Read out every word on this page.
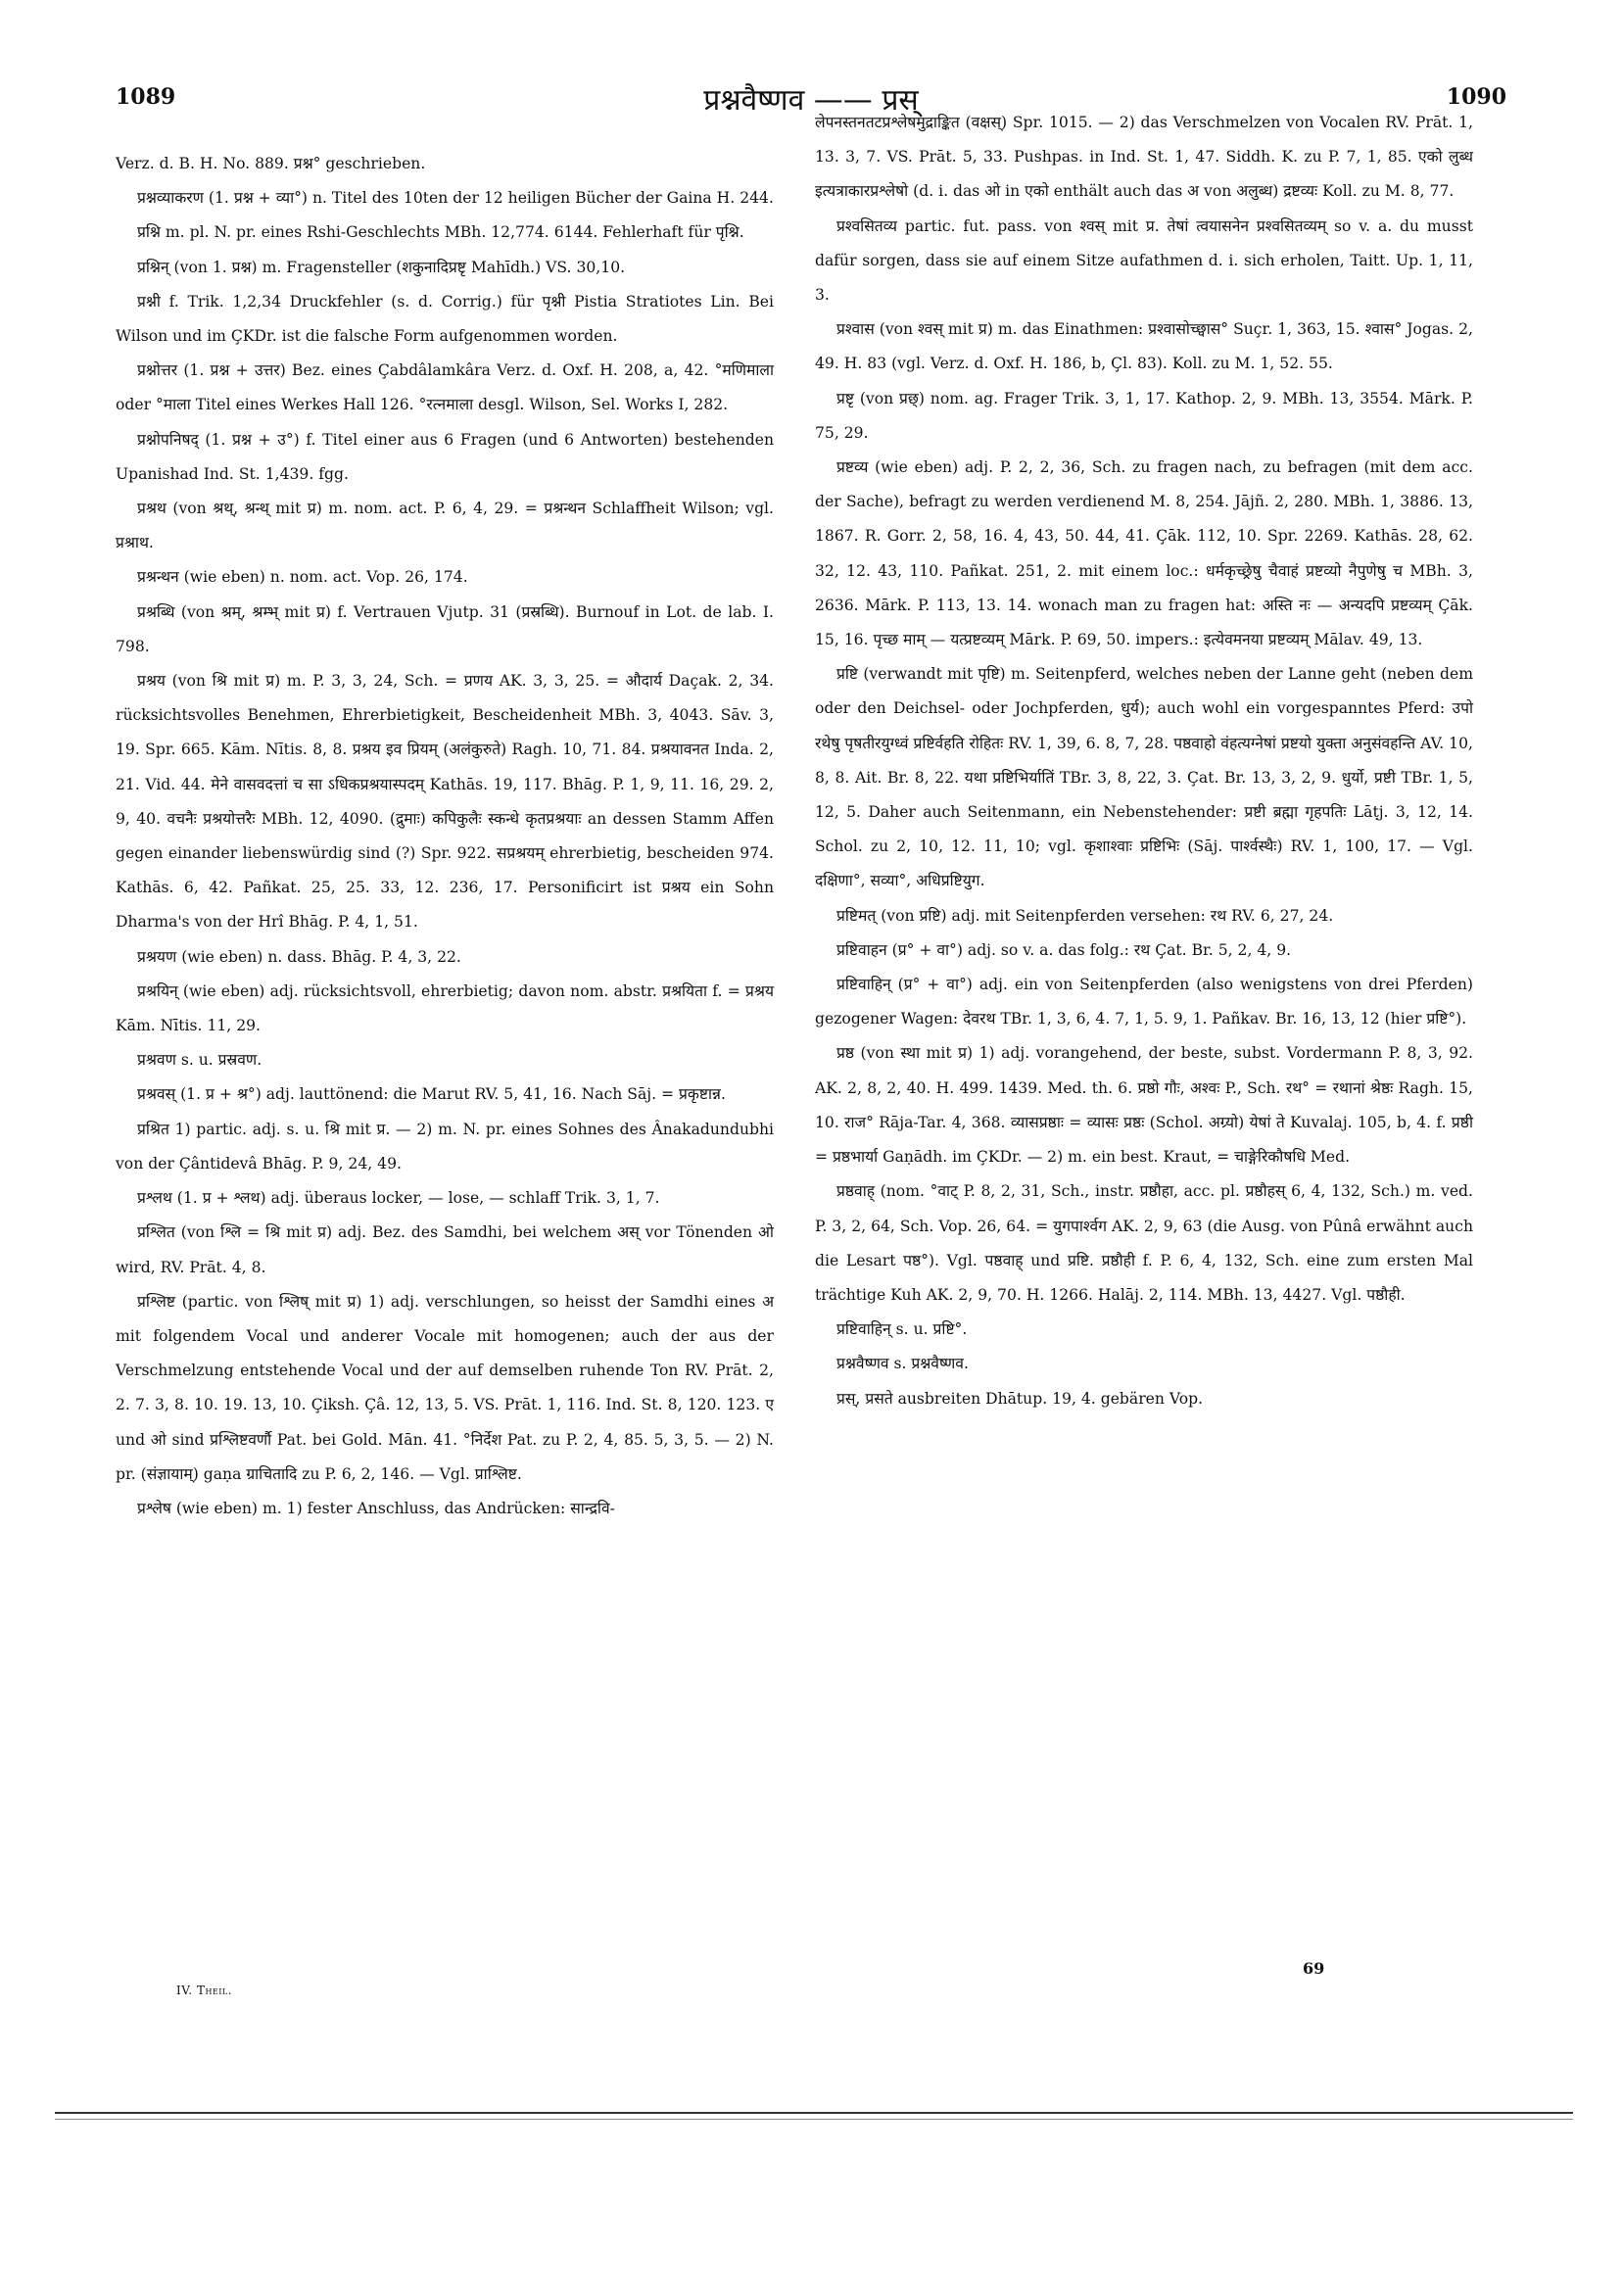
1089	प्रश्नवैष्णव —— प्रस्	1090

Verz. d. B. H. No. 889. प्रश्न° geschrieben.

प्रश्नव्याकरण (1. प्रश्न + व्या°) n. Titel des 10ten der 12 heiligen Bücher der Gaina H. 244.

प्रश्नि m. pl. N. pr. eines Rshi-Geschlechts MBh. 12,774. 6144. Fehlerhaft für पृश्नि.

प्रश्निन् (von 1. प्रश्न) m. Fragensteller (शकुनादिप्रष्टृ Mahīdh.) VS. 30,10.

प्रश्नी f. Trik. 1,2,34 Druckfehler (s. d. Corrig.) für पृश्नी Pistia Stratiotes Lin. Bei Wilson und im ÇKDr. ist die falsche Form aufgenommen worden.

प्रश्नोत्तर (1. प्रश्न + उत्तर) Bez. eines Çabdâlamkâra Verz. d. Oxf. H. 208, a, 42. °मणिमाला oder °माला Titel eines Werkes Hall 126. °रत्नमाला desgl. Wilson, Sel. Works I, 282.

प्रश्नोपनिषद् (1. प्रश्न + उ°) f. Titel einer aus 6 Fragen (und 6 Antworten) bestehenden Upanishad Ind. St. 1,439. fgg.

प्रश्रथ (von श्रथ्, श्रन्थ् mit प्र) m. nom. act. P. 6, 4, 29. = प्रश्रन्थन Schlaffheit Wilson; vgl. प्रश्राथ.

प्रश्रन्थन (wie eben) n. nom. act. Vop. 26, 174.

प्रश्रब्धि (von श्रम्, श्रम्भ् mit प्र) f. Vertrauen Vjutp. 31 (प्रस्रब्धि). Burnouf in Lot. de lab. I. 798.

प्रश्रय (von श्रि mit प्र) m. P. 3, 3, 24, Sch. = प्रणय AK. 3, 3, 25. = औदार्य Daçak. 2, 34. rücksichtsvolles Benehmen, Ehrerbietigkeit, Bescheidenheit MBh. 3, 4043. Sāv. 3, 19. Spr. 665. Kām. Nītis. 8, 8. प्रश्रय इव प्रियम् (अलंकुरुते) Ragh. 10, 71. 84. प्रश्रयावनत Inda. 2, 21. Vid. 44. मेने वासवदत्तां च सा ऽधिकप्रश्रयास्पदम् Kathās. 19, 117. Bhāg. P. 1, 9, 11. 16, 29. 2, 9, 40. वचनैः प्रश्रयोत्तरैः MBh. 12, 4090. (द्रुमाः) कपिकुलैः स्कन्धे कृतप्रश्रयाः an dessen Stamm Affen gegen einander liebenswürdig sind (?) Spr. 922. सप्रश्रयम् ehrerbietig, bescheiden 974. Kathās. 6, 42. Pañkat. 25, 25. 33, 12. 236, 17. Personificirt ist प्रश्रय ein Sohn Dharma's von der Hrî Bhāg. P. 4, 1, 51.

प्रश्रयण (wie eben) n. dass. Bhāg. P. 4, 3, 22.

प्रश्रयिन् (wie eben) adj. rücksichtsvoll, ehrerbietig; davon nom. abstr. प्रश्रयिता f. = प्रश्रय Kām. Nītis. 11, 29.

प्रश्रवण s. u. प्रस्रवण.

प्रश्रवस् (1. प्र + श्र°) adj. lauttönend: die Marut RV. 5, 41, 16. Nach Sāj. = प्रकृष्टान्न.

प्रश्रित 1) partic. adj. s. u. श्रि mit प्र. — 2) m. N. pr. eines Sohnes des Ânakadundubhi von der Çântidevâ Bhāg. P. 9, 24, 49.

प्रश्लथ (1. प्र + श्लथ) adj. überaus locker, — lose, — schlaff Trik. 3, 1, 7.

प्रश्लित (von श्लि = श्रि mit प्र) adj. Bez. des Samdhi, bei welchem अस् vor Tönenden ओ wird, RV. Prāt. 4, 8.

प्रश्लिष्ट (partic. von श्लिष् mit प्र) 1) adj. verschlungen, so heisst der Samdhi eines अ mit folgendem Vocal und anderer Vocale mit homogenen; auch der aus der Verschmelzung entstehende Vocal und der auf demselben ruhende Ton RV. Prāt. 2, 2. 7. 3, 8. 10. 19. 13, 10. Çiksh. Çâ. 12, 13, 5. VS. Prāt. 1, 116. Ind. St. 8, 120. 123. ए und ओ sind प्रश्लिष्टवर्णौ Pat. bei Gold. Mān. 41. °निर्देश Pat. zu P. 2, 4, 85. 5, 3, 5. — 2) N. pr. (संज्ञायाम्) gaṇa ग्राचितादि zu P. 6, 2, 146. — Vgl. प्राश्लिष्ट.

प्रश्लेष (wie eben) m. 1) fester Anschluss, das Andrücken: सान्द्रवि-

लेपनस्तनतटप्रश्लेषमुद्राङ्कित (वक्षस्) Spr. 1015. — 2) das Verschmelzen von Vocalen RV. Prāt. 1, 13. 3, 7. VS. Prāt. 5, 33. Pushpas. in Ind. St. 1, 47. Siddh. K. zu P. 7, 1, 85. एको लुब्ध इत्यत्राकारप्रश्लेषो (d. i. das ओ in एको enthält auch das अ von अलुब्ध) द्रष्टव्यः Koll. zu M. 8, 77.

प्रश्वसितव्य partic. fut. pass. von श्वस् mit प्र. तेषां त्वयासनेन प्रश्वसितव्यम् so v. a. du musst dafür sorgen, dass sie auf einem Sitze aufathmen d. i. sich erholen, Taitt. Up. 1, 11, 3.

प्रश्वास (von श्वस् mit प्र) m. das Einathmen: प्रश्वासोच्छ्वास° Suçr. 1, 363, 15. श्वास° Jogas. 2, 49. H. 83 (vgl. Verz. d. Oxf. H. 186, b, Çl. 83). Koll. zu M. 1, 52. 55.

प्रष्टृ (von प्रछ्) nom. ag. Frager Trik. 3, 1, 17. Kathop. 2, 9. MBh. 13, 3554. Mārk. P. 75, 29.

प्रष्टव्य (wie eben) adj. P. 2, 2, 36, Sch. zu fragen nach, zu befragen (mit dem acc. der Sache), befragt zu werden verdienend M. 8, 254. Jājñ. 2, 280. MBh. 1, 3886. 13, 1867. R. Gorr. 2, 58, 16. 4, 43, 50. 44, 41. Çāk. 112, 10. Spr. 2269. Kathās. 28, 62. 32, 12. 43, 110. Pañkat. 251, 2. mit einem loc.: धर्मकृच्छ्रेषु चैवाहं प्रष्टव्यो नैपुणेषु च MBh. 3, 2636. Mārk. P. 113, 13. 14. wonach man zu fragen hat: अस्ति नः — अन्यदपि प्रष्टव्यम् Çāk. 15, 16. पृच्छ माम् — यत्प्रष्टव्यम् Mārk. P. 69, 50. impers.: इत्येवमनया प्रष्टव्यम् Mālav. 49, 13.

प्रष्टि (verwandt mit पृष्टि) m. Seitenpferd, welches neben der Lanne geht (neben dem oder den Deichsel- oder Jochpferden, धुर्य); auch wohl ein vorgespanntes Pferd: उपो रथेषु पृषतीरयुग्ध्वं प्रष्टिर्वहति रोहितः RV. 1, 39, 6. 8, 7, 28. पष्ठवाहो वंहत्यग्नेषां प्रष्टयो युक्ता अनुसंवहन्ति AV. 10, 8, 8. Ait. Br. 8, 22. यथा प्रष्टिभिर्यातिं TBr. 3, 8, 22, 3. Çat. Br. 13, 3, 2, 9. धुर्यो, प्रष्टी TBr. 1, 5, 12, 5. Daher auch Seitenmann, ein Nebenstehender: प्रष्टी ब्रह्मा गृहपतिः Lāṭj. 3, 12, 14. Schol. zu 2, 10, 12. 11, 10; vgl. कृशाश्वाः प्रष्टिभिः (Sāj. पार्श्वस्थैः) RV. 1, 100, 17. — Vgl. दक्षिणा°, सव्या°, अधिप्रष्टियुग.

प्रष्टिमत् (von प्रष्टि) adj. mit Seitenpferden versehen: रथ RV. 6, 27, 24.

प्रष्टिवाहन (प्र° + वा°) adj. so v. a. das folg.: रथ Çat. Br. 5, 2, 4, 9.

प्रष्टिवाहिन् (प्र° + वा°) adj. ein von Seitenpferden (also wenigstens von drei Pferden) gezogener Wagen: देवरथ TBr. 1, 3, 6, 4. 7, 1, 5. 9, 1. Pañkav. Br. 16, 13, 12 (hier प्रष्टि°).

प्रष्ठ (von स्था mit प्र) 1) adj. vorangehend, der beste, subst. Vordermann P. 8, 3, 92. AK. 2, 8, 2, 40. H. 499. 1439. Med. th. 6. प्रष्ठो गौः, अश्वः P., Sch. रथ° = रथानां श्रेष्ठः Ragh. 15, 10. राज° Rāja-Tar. 4, 368. व्यासप्रष्ठाः = व्यासः प्रष्ठः (Schol. अग्र्यो) येषां ते Kuvalaj. 105, b, 4. f. प्रष्ठी = प्रष्ठभार्या Gaṇādh. im ÇKDr. — 2) m. ein best. Kraut, = चाङ्गेरिकौषधि Med.

प्रष्ठवाह् (nom. °वाट् P. 8, 2, 31, Sch., instr. प्रष्ठौहा, acc. pl. प्रष्ठौहस् 6, 4, 132, Sch.) m. ved. P. 3, 2, 64, Sch. Vop. 26, 64. = युगपार्श्वग AK. 2, 9, 63 (die Ausg. von Pûnâ erwähnt auch die Lesart पष्ठ°). Vgl. पष्ठवाह् und प्रष्टि. प्रष्ठौही f. P. 6, 4, 132, Sch. eine zum ersten Mal trächtige Kuh AK. 2, 9, 70. H. 1266. Halāj. 2, 114. MBh. 13, 4427. Vgl. पष्ठौही.

प्रष्टिवाहिन् s. u. प्रष्टि°.

प्रश्नवैष्णव s. प्रश्नवैष्णव.

प्रस्, प्रसते ausbreiten Dhātup. 19, 4. gebären Vop.

IV. Theil.
69
